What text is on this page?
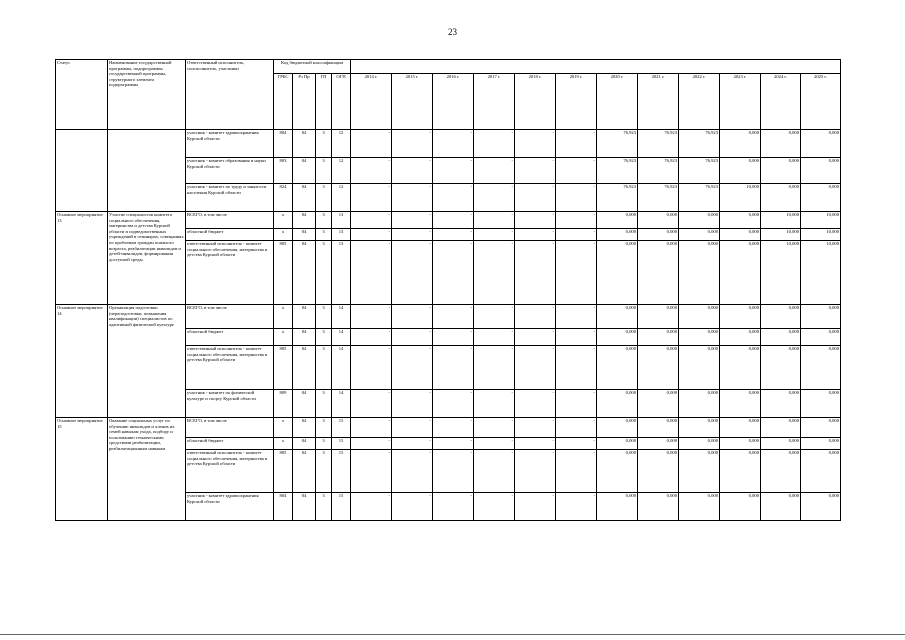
23
Статус	Наименование государственной программы, подпрограммы государственной программы, структурного элемента подпрограммы	Ответственный исполнитель, соисполнитель, участники	Код бюджетной классификации															
			ГРБС	Рз Пр	ГП	ОГП	2014 г.	2015 г.	2016 г.	2017 г.	2018 г.	2019 г.	2020 г.	2021 г.	2022 г.	2023 г.	2024 г.	2025 г.
		участник - комитет здравоохранения Курской области	804	04	3	12	-	-	-	-	-	-	76,923	76,923	76,923	0,000	0,000	0,000
		участник - комитет образования и науки Курской области	803	04	3	12	-	-	-	-	-	-	76,923	76,923	76,923	0,000	0,000	0,000
		участник - комитет по труду и занятости населения Курской области	824	04	3	12	-	-	-	-	-	-	76,923	76,923	76,923	10,000	0,000	0,000
Основное мероприятие 13	Участие специалистов комитета социального обеспечения, материнства и детства Курской области и подведомственных учреждений в семинарах, совещаниях по проблемам граждан пожилого возраста, реабилитации инвалидов и детей-инвалидов, формирования доступной среды	ВСЕГО, в том числе	x	04	3	13	-	-	-	-	-	-	0,000	0,000	0,000	0,000	10,000	10,000
		областной бюджет	x	04	3	13	-	-	-	-	-	-	0,000	0,000	0,000	0,000	10,000	10,000
		ответственный исполнитель - комитет социального обеспечения, материнства и детства Курской области	805	04	3	13	-	-	-	-	-	-	0,000	0,000	0,000	0,000	10,000	10,000
Основное мероприятие 14	Организация подготовки (переподготовки, повышения квалификации) специалистов по адаптивной физической культуре	ВСЕГО, в том числе	x	04	3	14	-	-	-	-	-	-	0,000	0,000	0,000	0,000	0,000	0,000
		областной бюджет	x	04	3	14	-	-	-	-	-	-	0,000	0,000	0,000	0,000	0,000	0,000
		ответственный исполнитель - комитет социального обеспечения, материнства и детства Курской области	805	04	3	14	-	-	-	-	-	-	0,000	0,000	0,000	0,000	0,000	0,000
		участник - комитет по физической культуре и спорту Курской области	809	04	3	14	-	-	-	-	-	-	0,000	0,000	0,000	0,000	0,000	0,000
Основное мероприятие 15	Оказание социальных услуг по обучению инвалидов и членов их семей навыкам ухода, подбору и пользованию техническими средствами реабилитации, реабилитационным навыкам	ВСЕГО, в том числе	x	04	3	15	-	-	-	-	-	-	0,000	0,000	0,000	0,000	0,000	0,000
		областной бюджет	x	04	3	15	-	-	-	-	-	-	0,000	0,000	0,000	0,000	0,000	0,000
		ответственный исполнитель - комитет социального обеспечения, материнства и детства Курской области	805	04	3	15	-	-	-	-	-	-	0,000	0,000	0,000	0,000	0,000	0,000
		участник - комитет здравоохранения Курской области	804	04	3	15	-	-	-	-	-	-	0,000	0,000	0,000	0,000	0,000	0,000
